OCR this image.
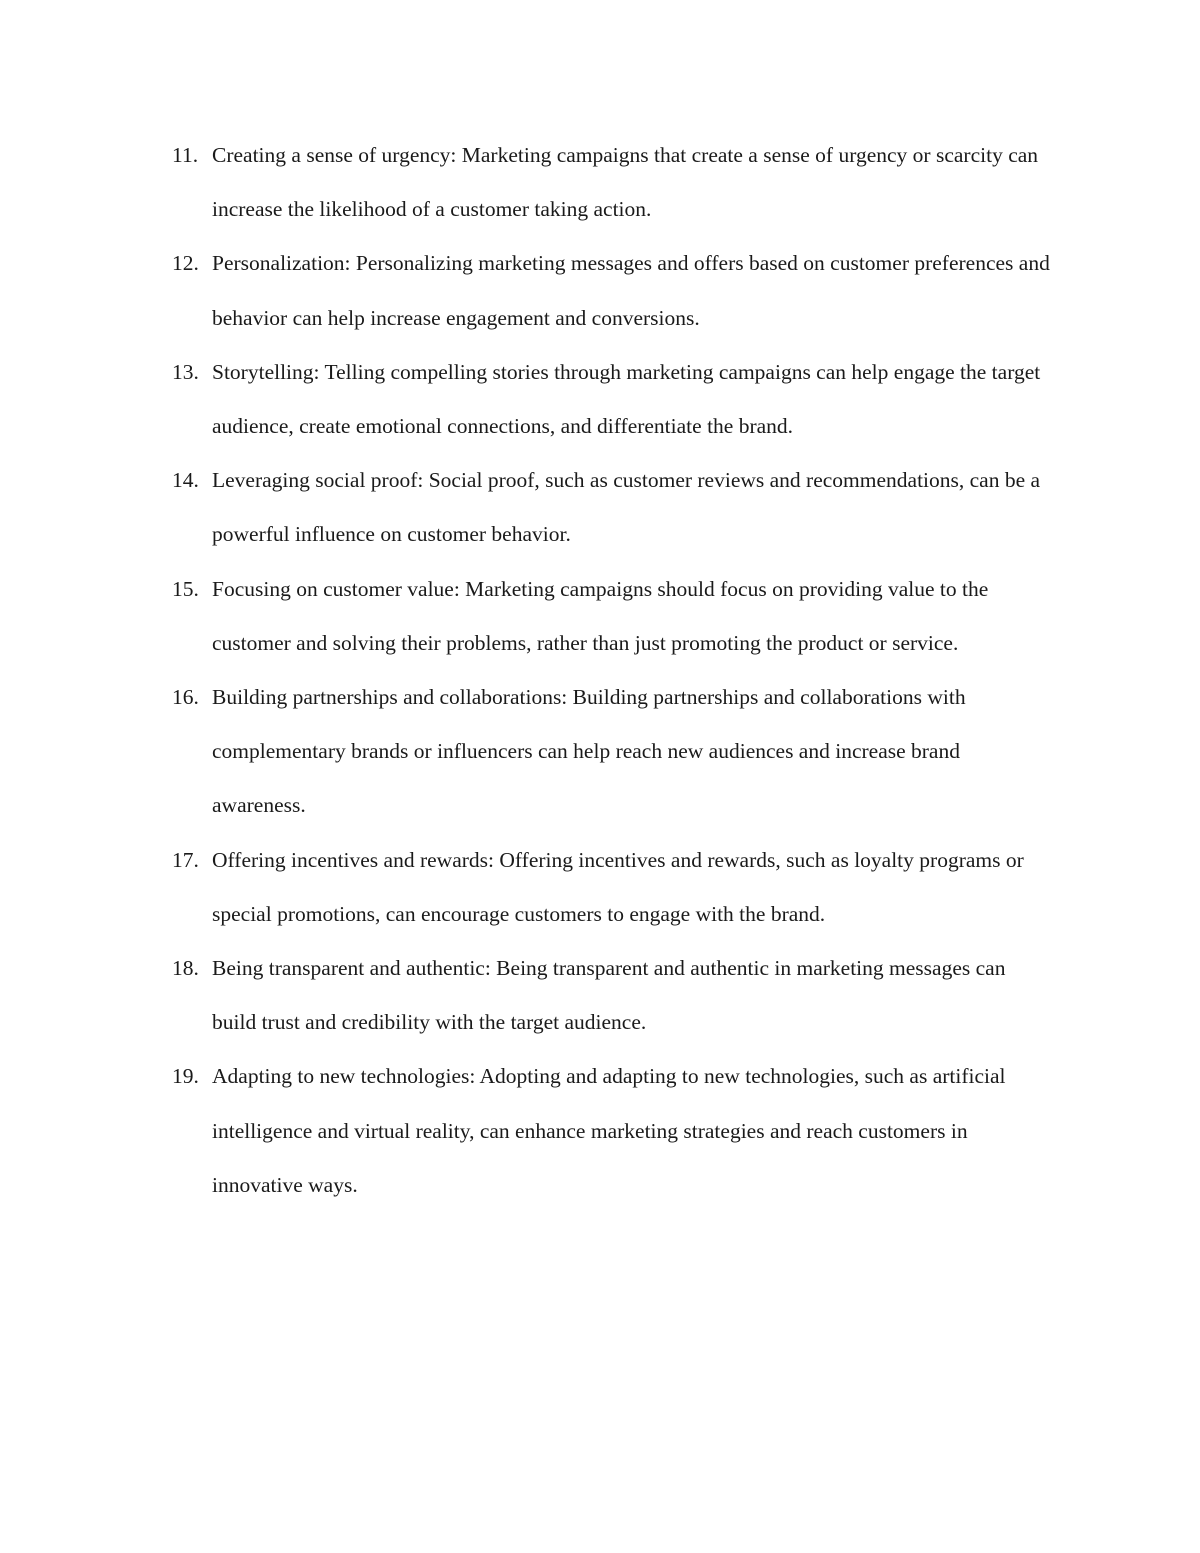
11. Creating a sense of urgency: Marketing campaigns that create a sense of urgency or scarcity can increase the likelihood of a customer taking action.
12. Personalization: Personalizing marketing messages and offers based on customer preferences and behavior can help increase engagement and conversions.
13. Storytelling: Telling compelling stories through marketing campaigns can help engage the target audience, create emotional connections, and differentiate the brand.
14. Leveraging social proof: Social proof, such as customer reviews and recommendations, can be a powerful influence on customer behavior.
15. Focusing on customer value: Marketing campaigns should focus on providing value to the customer and solving their problems, rather than just promoting the product or service.
16. Building partnerships and collaborations: Building partnerships and collaborations with complementary brands or influencers can help reach new audiences and increase brand awareness.
17. Offering incentives and rewards: Offering incentives and rewards, such as loyalty programs or special promotions, can encourage customers to engage with the brand.
18. Being transparent and authentic: Being transparent and authentic in marketing messages can build trust and credibility with the target audience.
19. Adapting to new technologies: Adopting and adapting to new technologies, such as artificial intelligence and virtual reality, can enhance marketing strategies and reach customers in innovative ways.
